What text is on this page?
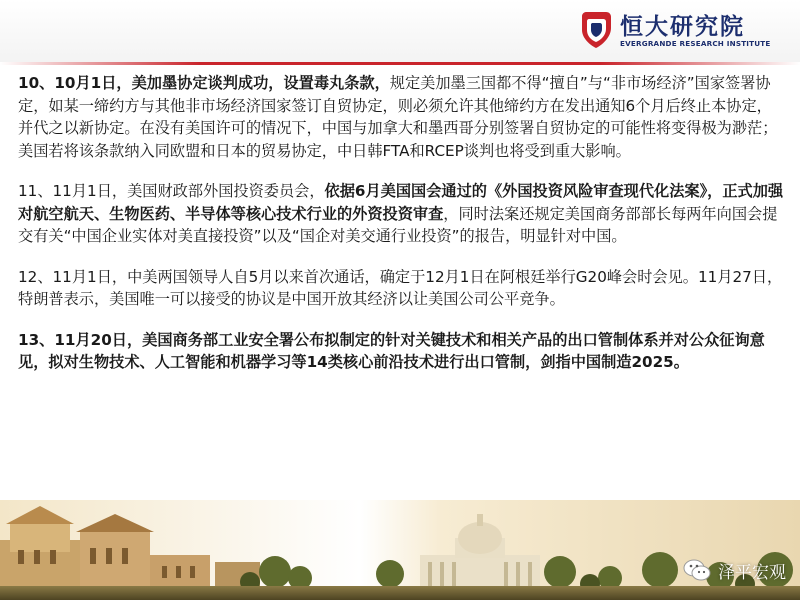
恒大研究院
EVERGRANDE RESEARCH INSTITUTE

10、10月1日，美加墨协定谈判成功，设置毒丸条款，规定美加墨三国都不得“擅自”与“非市场经济”国家签署协定，如某一缔约方与其他非市场经济国家签订自贸协定，则必须允许其他缔约方在发出通知6个月后终止本协定，并代之以新协定。在没有美国许可的情况下，中国与加拿大和墨西哥分别签署自贸协定的可能性将变得极为渺茫；美国若将该条款纳入同欧盟和日本的贸易协定，中日韩FTA和RCEP谈判也将受到重大影响。

11、11月1日，美国财政部外国投资委员会，依据6月美国国会通过的《外国投资风险审查现代化法案》，正式加强对航空航天、生物医药、半导体等核心技术行业的外资投资审查，同时法案还规定美国商务部部长每两年向国会提交有关“中国企业实体对美直接投资”以及“国企对美交通行业投资”的报告，明显针对中国。

12、11月1日，中美两国领导人自5月以来首次通话，确定于12月1日在阿根廷举行G20峰会时会见。11月27日，特朗普表示，美国唯一可以接受的协议是中国开放其经济以让美国公司公平竞争。

13、11月20日，美国商务部工业安全署公布拟制定的针对关键技术和相关产品的出口管制体系并对公众征询意见，拟对生物技术、人工智能和机器学习等14类核心前沿技术进行出口管制，剑指中国制造2025。

泽平宏观
